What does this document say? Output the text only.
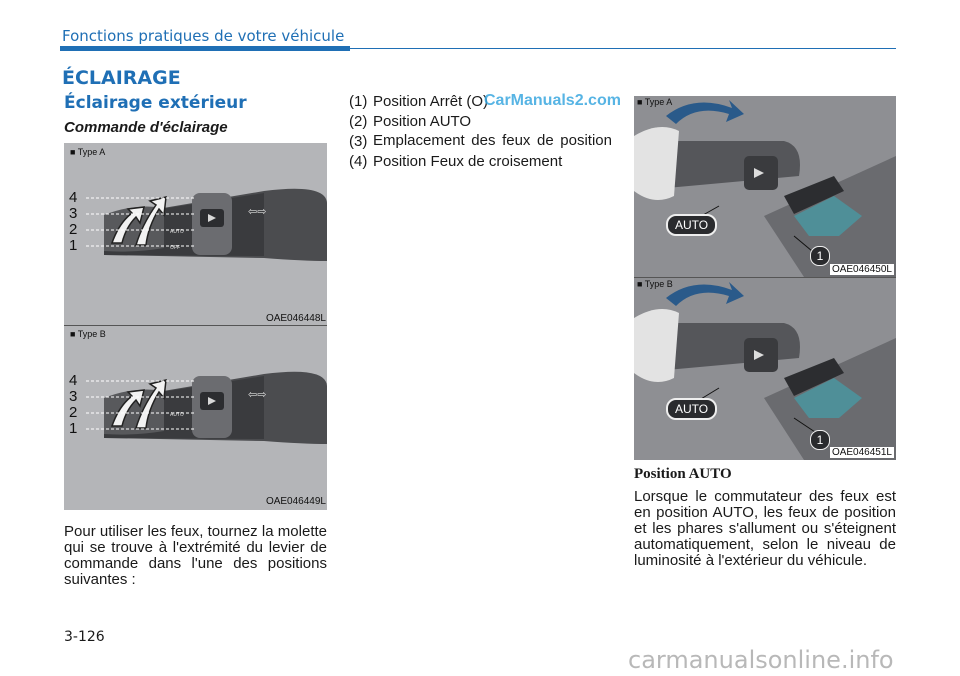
Fonctions pratiques de votre véhicule
ÉCLAIRAGE
Éclairage extérieur
Commande d'éclairage
AUTO
OFF
⇦⇨
■ Type A
4
3
2
1
OAE046448L
AUTO
⇦⇨
■ Type B
4
3
2
1
OAE046449L
Pour utiliser les feux, tournez la molette qui se trouve à l'extrémité du levier de commande dans l'une des positions suivantes :
(1) Position Arrêt (O)
(2) Position AUTO
(3) Emplacement des feux de position
(4) Position Feux de croisement
CarManuals2.com ■ Type A
AUTO
1
OAE046450L
■ Type B
AUTO
1
OAE046451L
Position AUTO
Lorsque le commutateur des feux est en position AUTO, les feux de position et les phares s'allument ou s'éteignent automatiquement, selon le niveau de luminosité à l'extérieur du véhicule.
3-126
carmanualsonline.info
